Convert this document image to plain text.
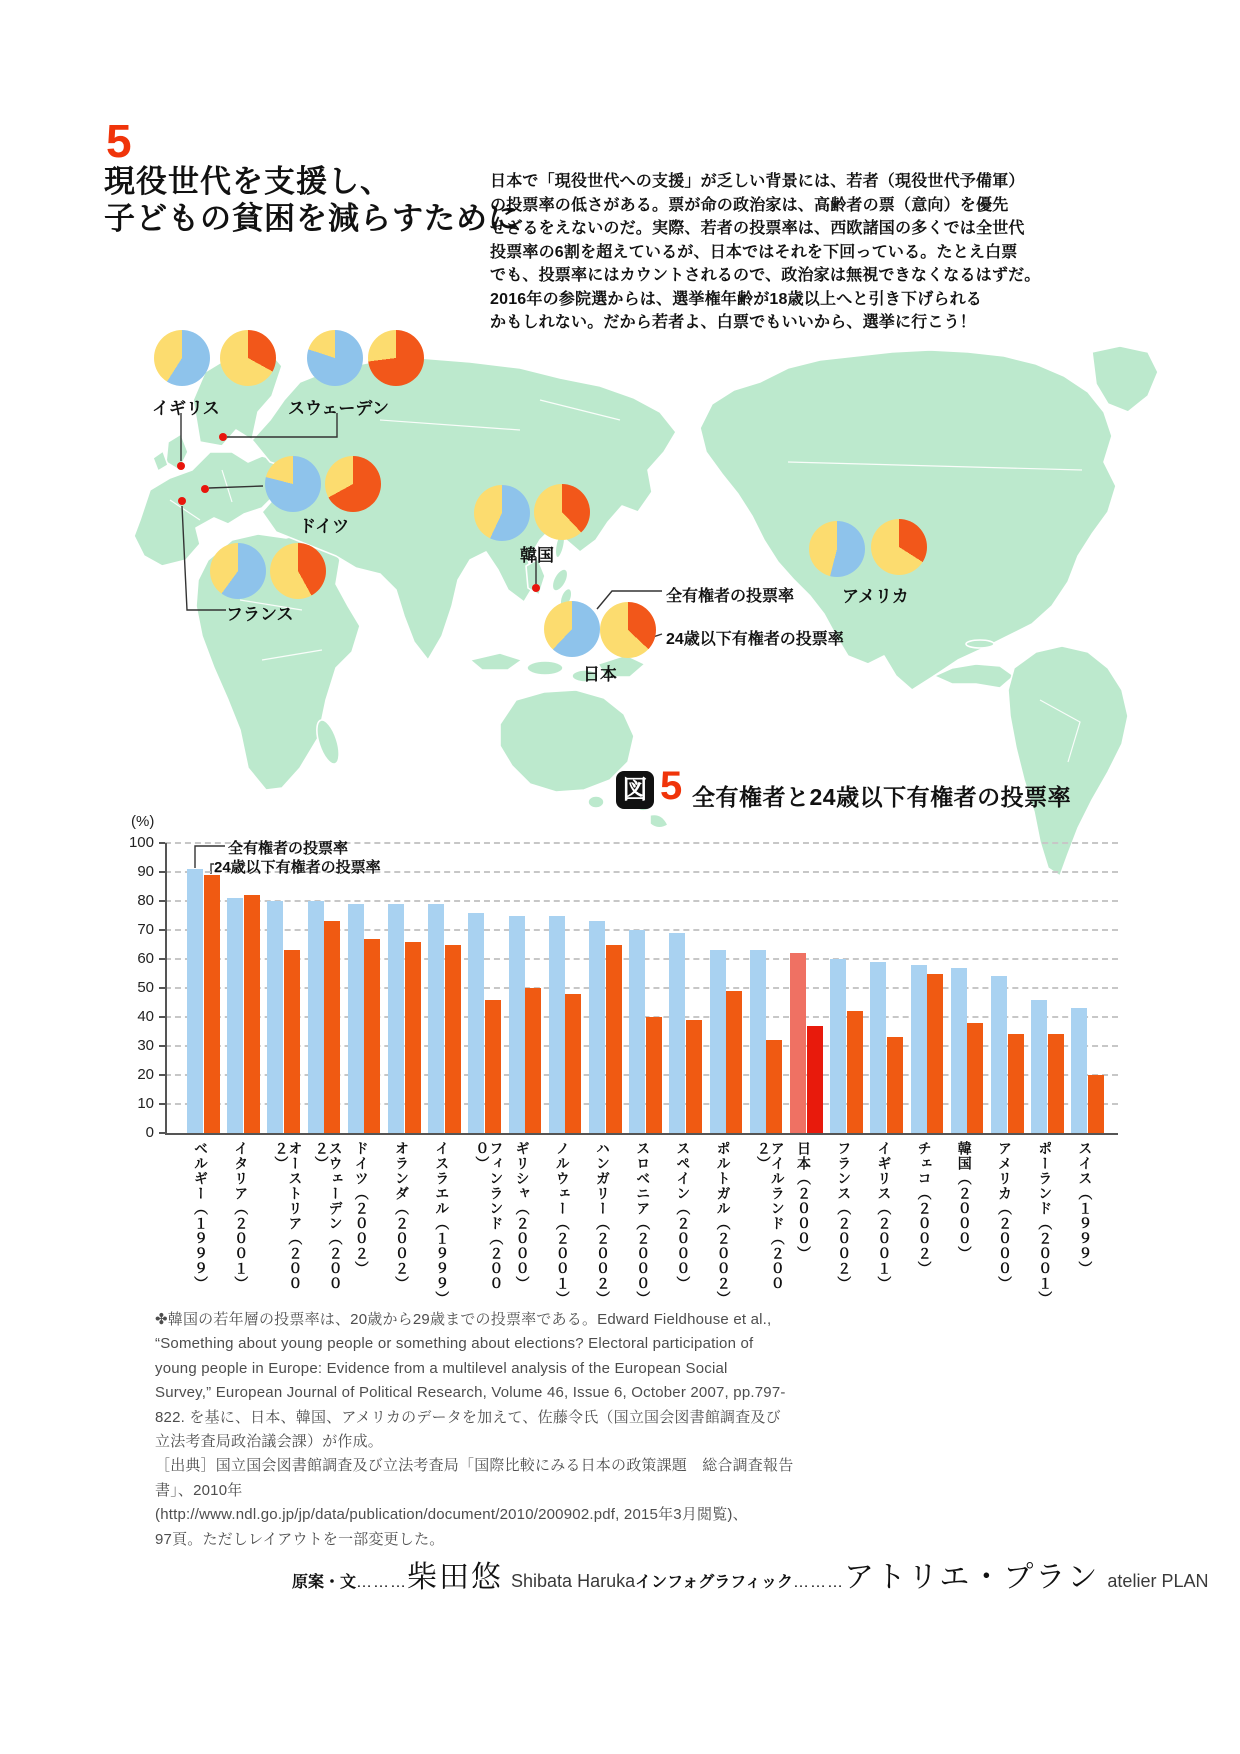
5
現役世代を支援し、
子どもの貧困を減らすために
日本で「現役世代への支援」が乏しい背景には、若者（現役世代予備軍）
の投票率の低さがある。票が命の政治家は、高齢者の票（意向）を優先
せざるをえないのだ。実際、若者の投票率は、西欧諸国の多くでは全世代
投票率の6割を超えているが、日本ではそれを下回っている。たとえ白票
でも、投票率にはカウントされるので、政治家は無視できなくなるはずだ。
2016年の参院選からは、選挙権年齢が18歳以上へと引き下げられる
かもしれない。だから若者よ、白票でもいいから、選挙に行こう！
イギリス	スウェーデン
ドイツ
フランス
韓国
日本
アメリカ
全有権者の投票率
24歳以下有権者の投票率
図 5 全有権者と24歳以下有権者の投票率
(%)
0
10
20
30
40
50
60
70
80
90
100
ベルギー（１９９９） イタリア（２００１）	オーストリア（２００２）	スウェーデン（２００２）	ドイツ（２００２） オランダ（２００２） イスラエル（１９９９）	フィンランド（２０００）	ギリシャ（２０００） ノルウェー（２００１） ハンガリー（２００２） スロベニア（２０００） スペイン（２０００） ポルトガル（２００２）	アイルランド（２００２）	日本（２０００） フランス（２００２） イギリス（２００１） チェコ（２００２） 韓国（２０００） アメリカ（２０００） ポーランド（２００１） スイス（１９９９）
全有権者の投票率
24歳以下有権者の投票率
✤韓国の若年層の投票率は、20歳から29歳までの投票率である。Edward Fieldhouse et al.,
“Something about young people or something about elections? Electoral participation of
young people in Europe: Evidence from a multilevel analysis of the European Social
Survey,” European Journal of Political Research, Volume 46, Issue 6, October 2007, pp.797-
822. を基に、日本、韓国、アメリカのデータを加えて、佐藤令氏（国立国会図書館調査及び
立法考査局政治議会課）が作成。
［出典］国立国会図書館調査及び立法考査局「国際比較にみる日本の政策課題　総合調査報告
書」、2010年
(http://www.ndl.go.jp/jp/data/publication/document/2010/200902.pdf, 2015年3月閲覧)、
97頁。ただしレイアウトを一部変更した。
原案・文 ……… 柴田悠 Shibata Haruka インフォグラフィック ……… アトリエ・プラン atelier PLAN
